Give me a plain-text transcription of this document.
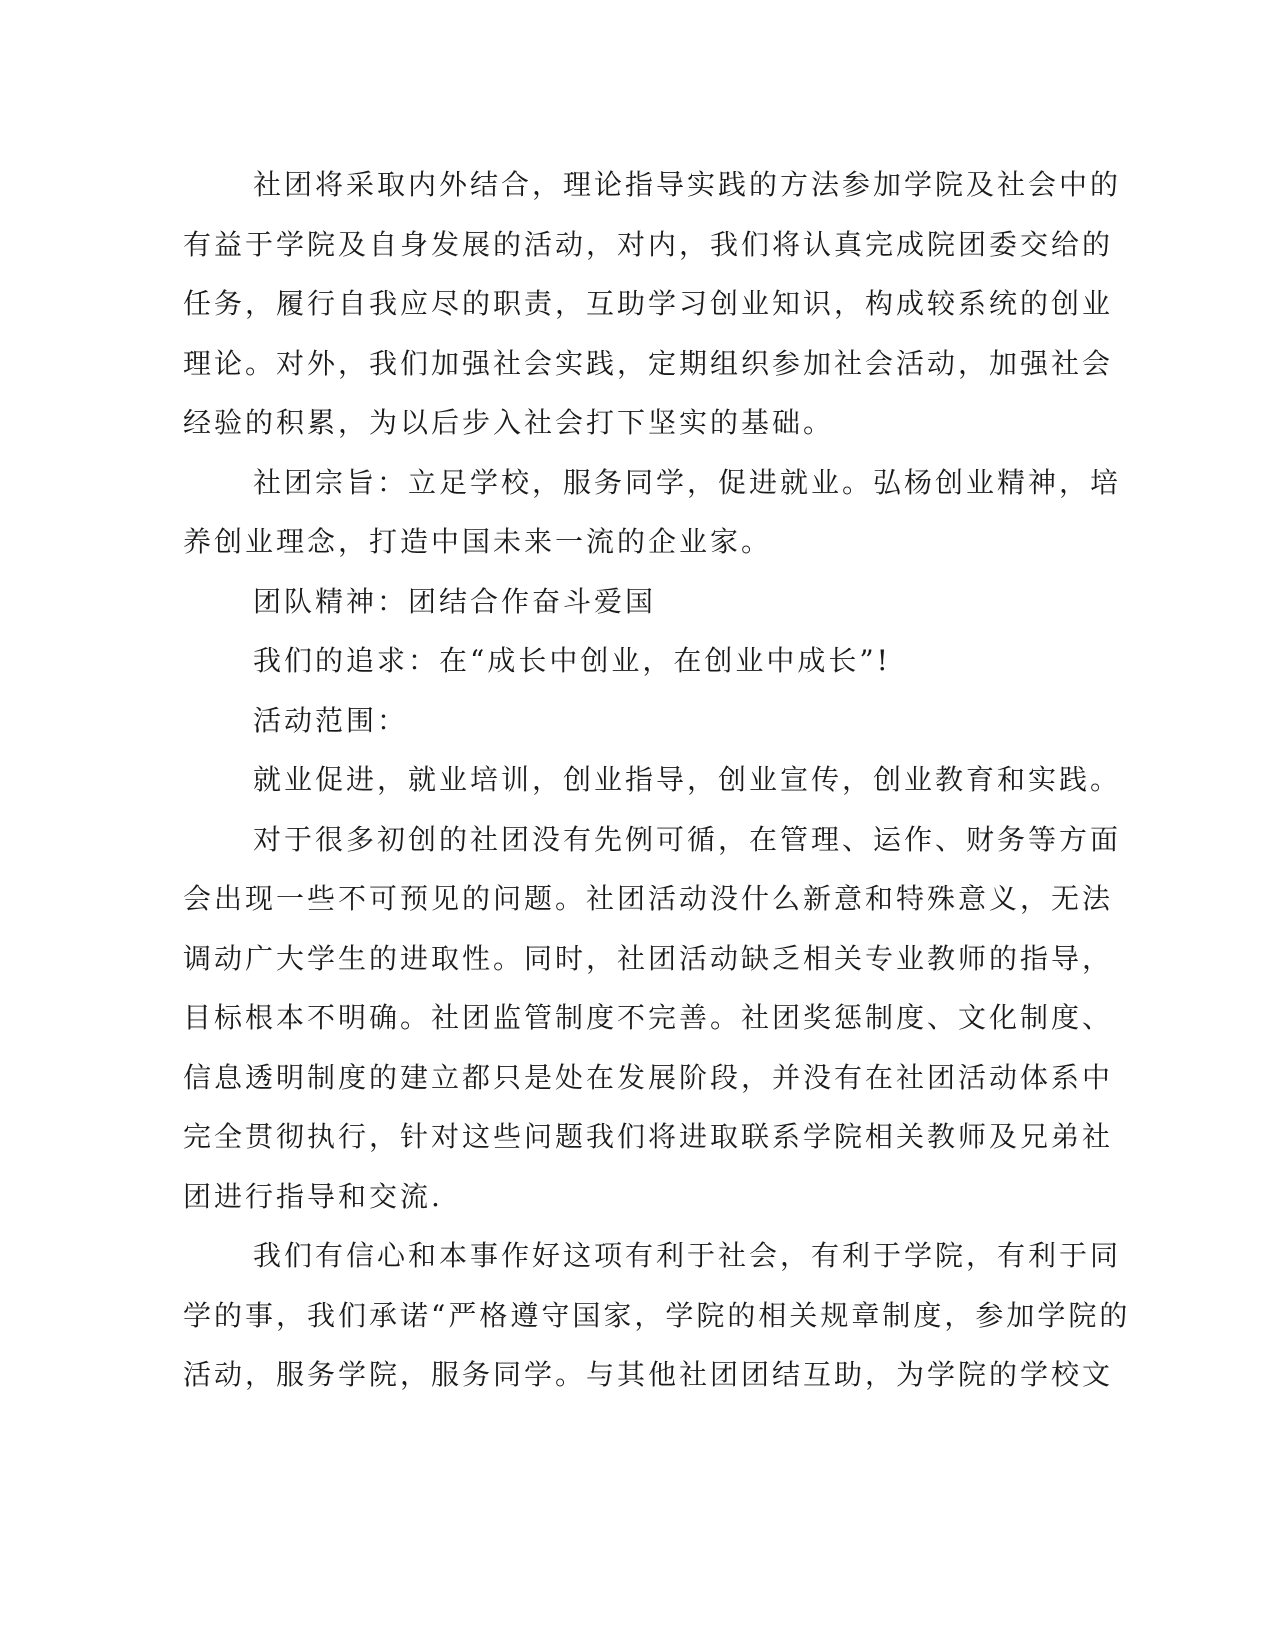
社团将采取内外结合，理论指导实践的方法参加学院及社会中的
有益于学院及自身发展的活动，对内，我们将认真完成院团委交给的
任务，履行自我应尽的职责，互助学习创业知识，构成较系统的创业
理论。对外，我们加强社会实践，定期组织参加社会活动，加强社会
经验的积累，为以后步入社会打下坚实的基础。
社团宗旨：立足学校，服务同学，促进就业。弘杨创业精神，培
养创业理念，打造中国未来一流的企业家。
团队精神：团结合作奋斗爱国
我们的追求：在“成长中创业，在创业中成长”!
活动范围：
就业促进，就业培训，创业指导，创业宣传，创业教育和实践。
对于很多初创的社团没有先例可循，在管理、运作、财务等方面
会出现一些不可预见的问题。社团活动没什么新意和特殊意义，无法
调动广大学生的进取性。同时，社团活动缺乏相关专业教师的指导，
目标根本不明确。社团监管制度不完善。社团奖惩制度、文化制度、
信息透明制度的建立都只是处在发展阶段，并没有在社团活动体系中
完全贯彻执行，针对这些问题我们将进取联系学院相关教师及兄弟社
团进行指导和交流.
我们有信心和本事作好这项有利于社会，有利于学院，有利于同
学的事，我们承诺“严格遵守国家，学院的相关规章制度，参加学院的
活动，服务学院，服务同学。与其他社团团结互助，为学院的学校文
